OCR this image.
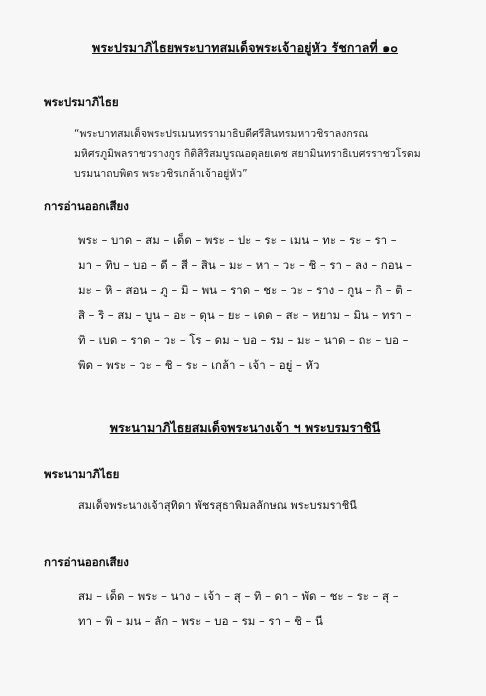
พระปรมาภิไธยพระบาทสมเด็จพระเจ้าอยู่หัว รัชกาลที่ ๑๐
พระปรมาภิไธย
“พระบาทสมเด็จพระปรเมนทรรามาธิบดีศรีสินทรมหาวชิราลงกรณ
มหิศรภูมิพลราชวรางกูร กิติสิริสมบูรณอดุลยเดช สยามินทราธิเบศรราชวโรดม
บรมนาถบพิตร พระวชิรเกล้าเจ้าอยู่หัว”
การอ่านออกเสียง
พระ – บาด – สม – เด็ด – พระ – ปะ – ระ – เมน – ทะ – ระ – รา –
มา – ทิบ – บอ – ดี – สี – สิน – มะ – หา – วะ – ชิ – รา – ลง – กอน –
มะ – หิ – สอน – ภู – มิ – พน – ราด – ชะ – วะ – ราง – กูน – กิ – ติ –
สิ – ริ – สม – บูน – อะ – ดุน – ยะ – เดด – สะ – หยาม – มิน – ทรา –
ทิ – เบด – ราด – วะ – โร – ดม – บอ – รม – มะ – นาด – ถะ – บอ –
พิด – พระ – วะ – ชิ – ระ – เกล้า – เจ้า – อยู่ – หัว
พระนามาภิไธยสมเด็จพระนางเจ้า ฯ พระบรมราชินี
พระนามาภิไธย
สมเด็จพระนางเจ้าสุทิดา พัชรสุธาพิมลลักษณ พระบรมราชินี
การอ่านออกเสียง
สม – เด็ด – พระ – นาง – เจ้า – สุ – ทิ – ดา – พัด – ชะ – ระ – สุ –
ทา – พิ – มน – ลัก – พระ – บอ – รม – รา – ชิ – นี
